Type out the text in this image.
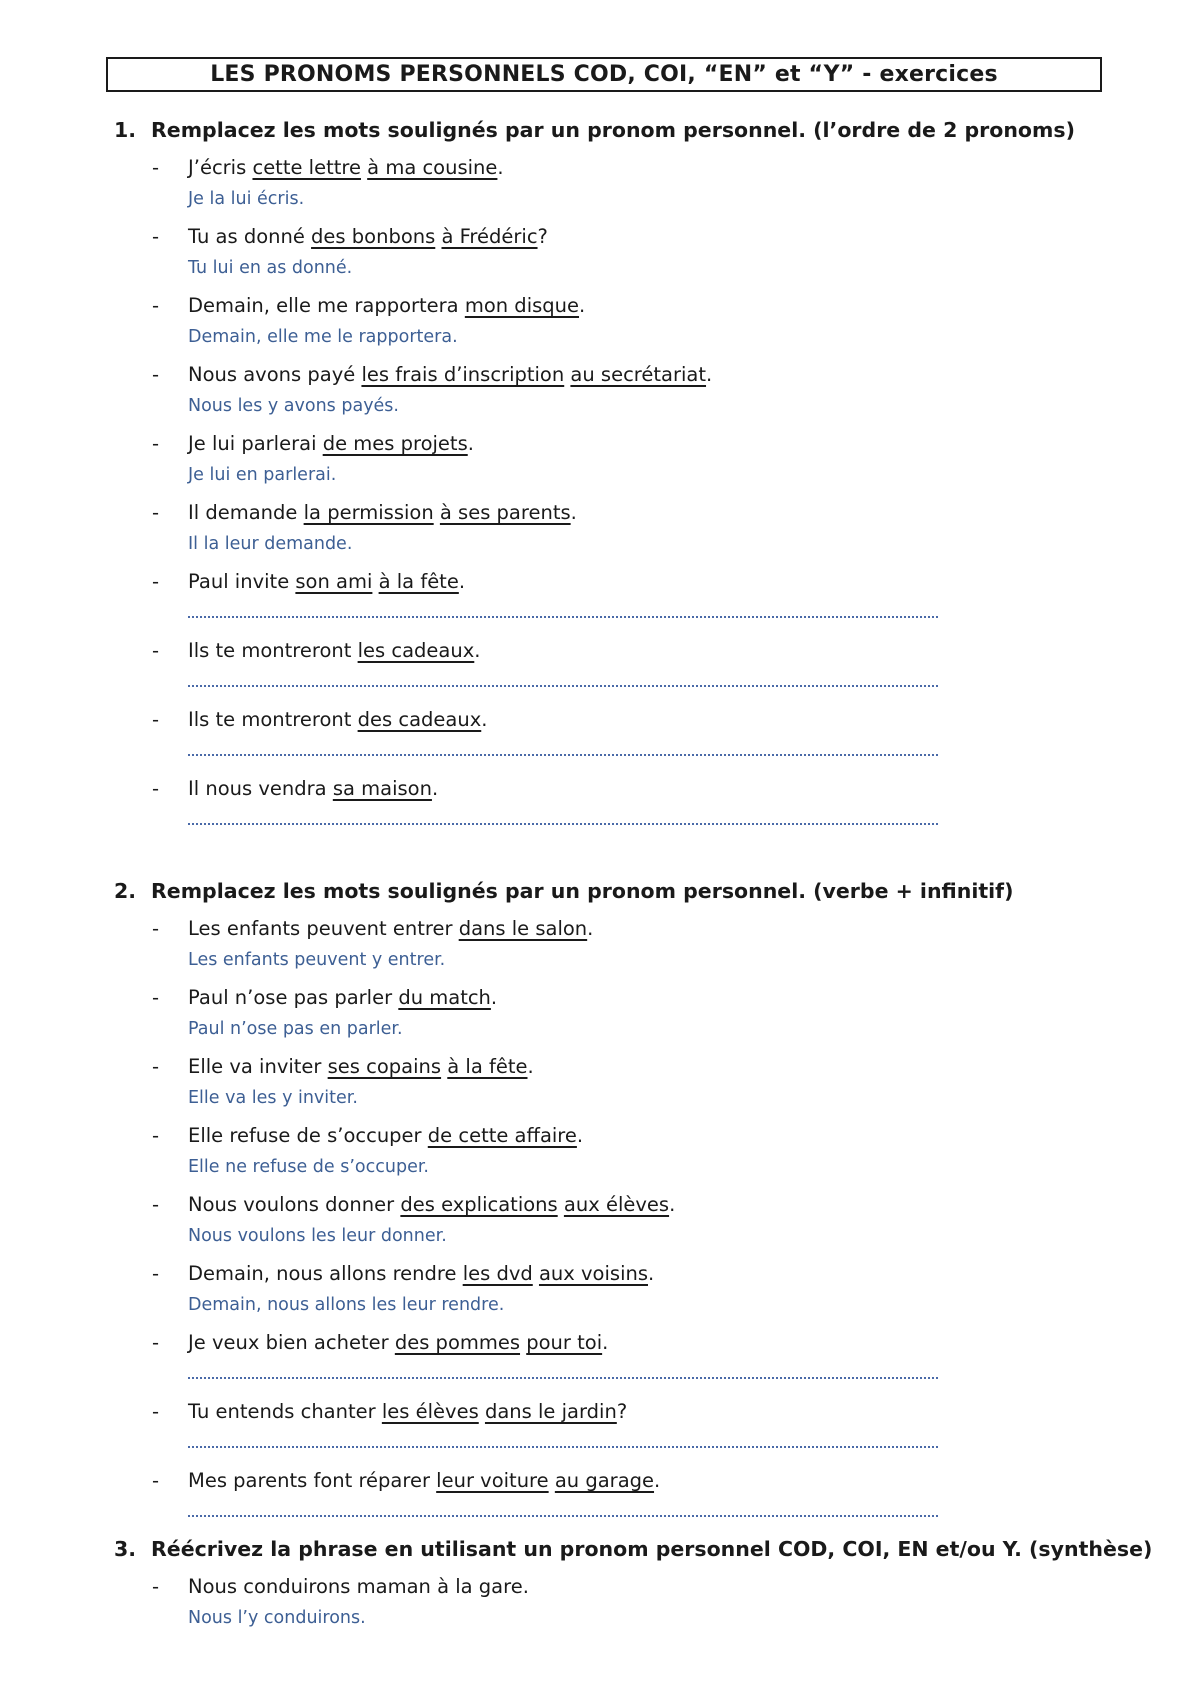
LES PRONOMS PERSONNELS COD, COI, “EN” et “Y” - exercices
1. Remplacez les mots soulignés par un pronom personnel. (l’ordre de 2 pronoms)
- J’écris cette lettre à ma cousine.
Je la lui écris.
- Tu as donné des bonbons à Frédéric?
Tu lui en as donné.
- Demain, elle me rapportera mon disque.
Demain, elle me le rapportera.
- Nous avons payé les frais d’inscription au secrétariat.
Nous les y avons payés.
- Je lui parlerai de mes projets.
Je lui en parlerai.
- Il demande la permission à ses parents.
Il la leur demande.
- Paul invite son ami à la fête.
- Ils te montreront les cadeaux.
- Ils te montreront des cadeaux.
- Il nous vendra sa maison.
2. Remplacez les mots soulignés par un pronom personnel. (verbe + infinitif)
- Les enfants peuvent entrer dans le salon.
Les enfants peuvent y entrer.
- Paul n’ose pas parler du match.
Paul n’ose pas en parler.
- Elle va inviter ses copains à la fête.
Elle va les y inviter.
- Elle refuse de s’occuper de cette affaire.
Elle ne refuse de s’occuper.
- Nous voulons donner des explications aux élèves.
Nous voulons les leur donner.
- Demain, nous allons rendre les dvd aux voisins.
Demain, nous allons les leur rendre.
- Je veux bien acheter des pommes pour toi.
- Tu entends chanter les élèves dans le jardin?
- Mes parents font réparer leur voiture au garage.
3. Réécrivez la phrase en utilisant un pronom personnel COD, COI, EN et/ou Y. (synthèse)
- Nous conduirons maman à la gare.
Nous l’y conduirons.
